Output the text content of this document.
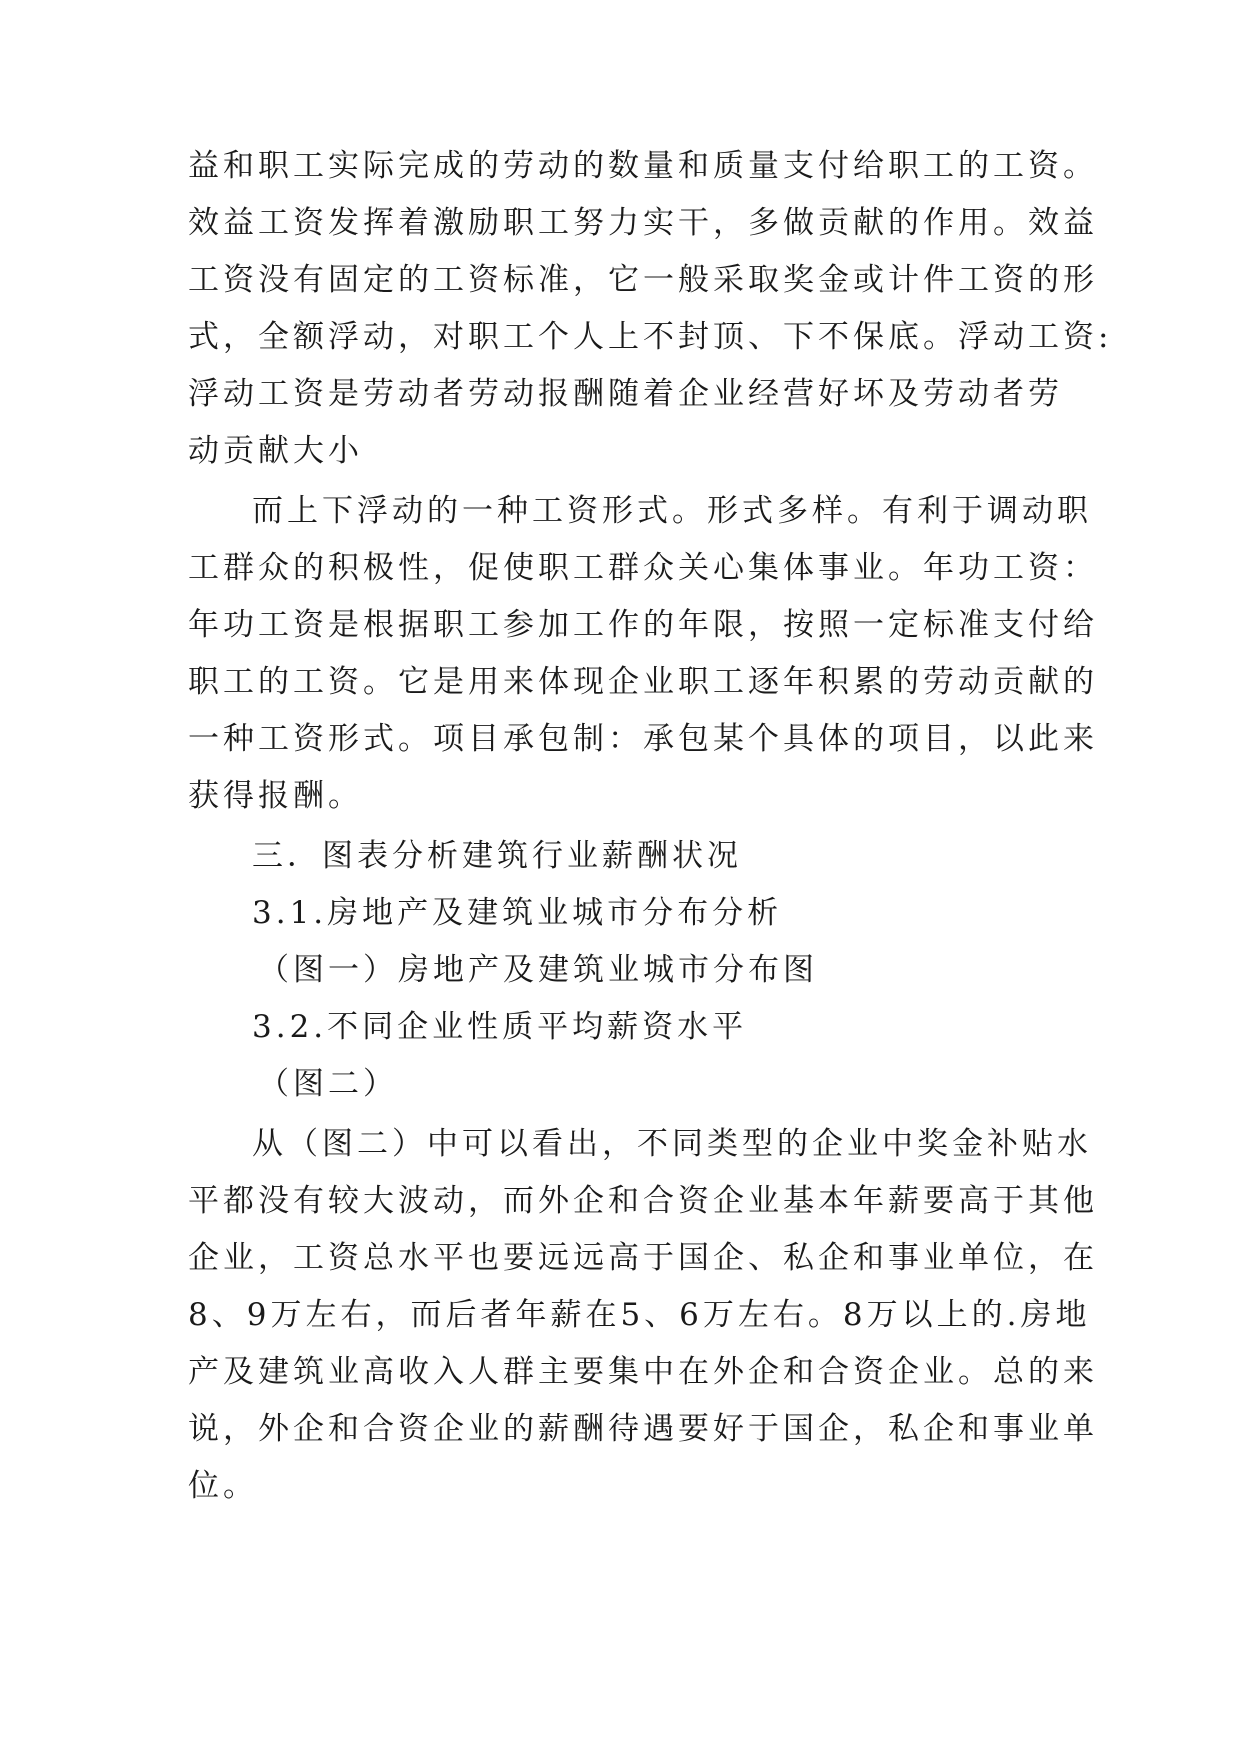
益和职工实际完成的劳动的数量和质量支付给职工的工资。
效益工资发挥着激励职工努力实干，多做贡献的作用。效益
工资没有固定的工资标准，它一般采取奖金或计件工资的形
式，全额浮动，对职工个人上不封顶、下不保底。浮动工资:
浮动工资是劳动者劳动报酬随着企业经营好坏及劳动者劳
动贡献大小
而上下浮动的一种工资形式。形式多样。有利于调动职
工群众的积极性，促使职工群众关心集体事业。年功工资：
年功工资是根据职工参加工作的年限，按照一定标准支付给
职工的工资。它是用来体现企业职工逐年积累的劳动贡献的
一种工资形式。项目承包制：承包某个具体的项目，以此来
获得报酬。
三．图表分析建筑行业薪酬状况
3.1.房地产及建筑业城市分布分析
（图一）房地产及建筑业城市分布图
3.2.不同企业性质平均薪资水平
（图二）
从（图二）中可以看出，不同类型的企业中奖金补贴水
平都没有较大波动，而外企和合资企业基本年薪要高于其他
企业，工资总水平也要远远高于国企、私企和事业单位，在
8、9万左右，而后者年薪在5、6万左右。8万以上的.房地
产及建筑业高收入人群主要集中在外企和合资企业。总的来
说，外企和合资企业的薪酬待遇要好于国企，私企和事业单
位。
